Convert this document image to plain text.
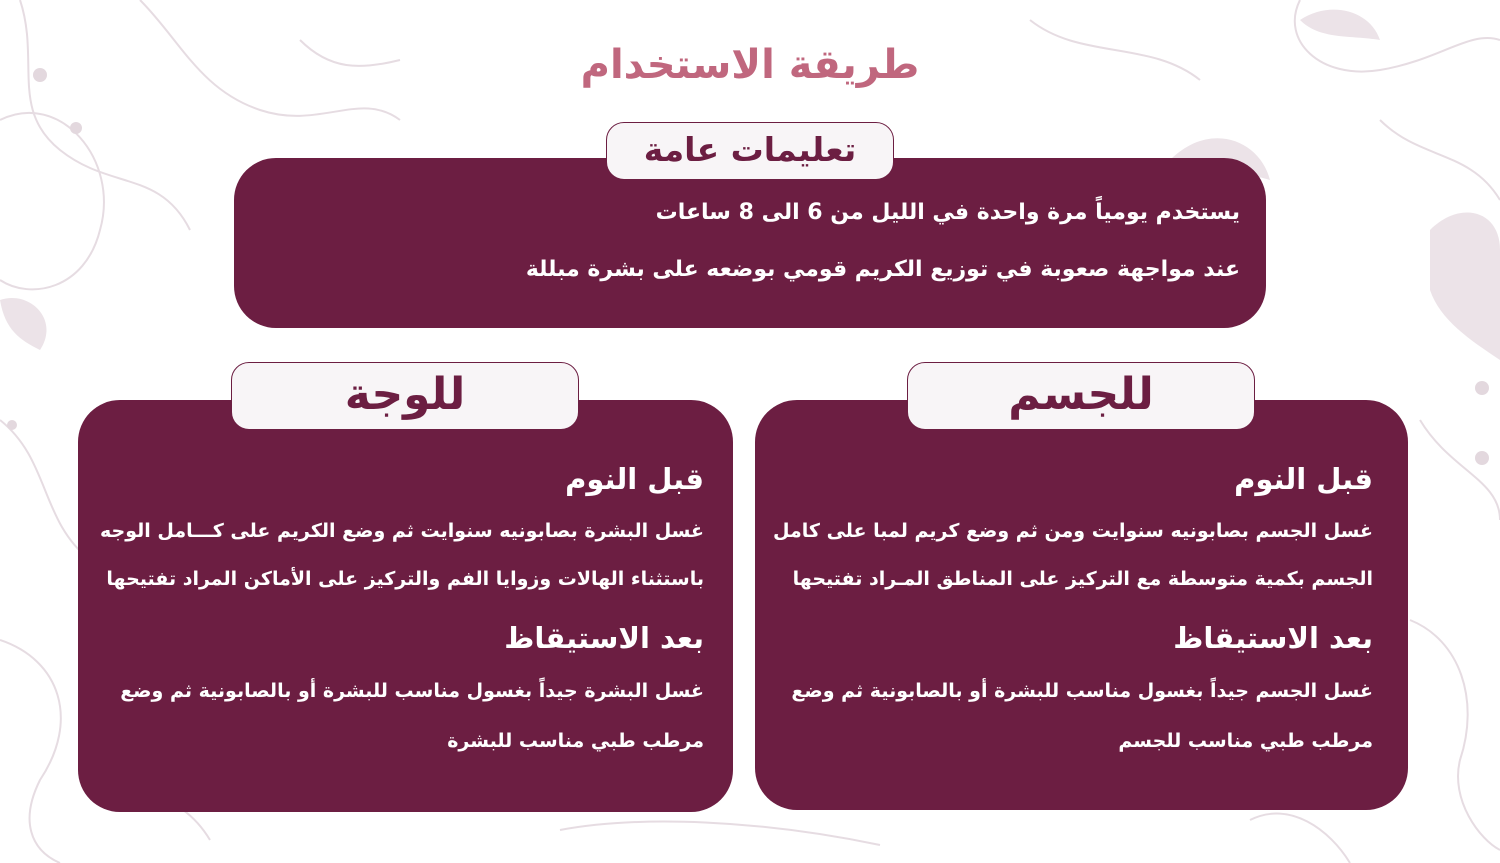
طريقة الاستخدام
تعليمات عامة
يستخدم يومياً مرة واحدة في الليل من 6 الى 8 ساعات
عند مواجهة صعوبة في توزيع الكريم قومي بوضعه على بشرة مبللة
للجسم
قبل النوم
غسل الجسم بصابونيه سنوايت ومن ثم وضع كريم لمبا على كامل
الجسم بكمية متوسطة مع التركيز على المناطق المـراد تفتيحها
بعد الاستيقاظ
غسل الجسم جيداً بغسول مناسب للبشرة أو بالصابونية ثم وضع
مرطب طبي مناسب للجسم
للوجة
قبل النوم
غسل البشرة بصابونيه سنوايت ثم وضع الكريم على كـــامل الوجه
باستثناء الهالات وزوايا الفم والتركيز على الأماكن المراد تفتيحها
بعد الاستيقاظ
غسل البشرة جيداً بغسول مناسب للبشرة أو بالصابونية ثم وضع
مرطب طبي مناسب للبشرة
